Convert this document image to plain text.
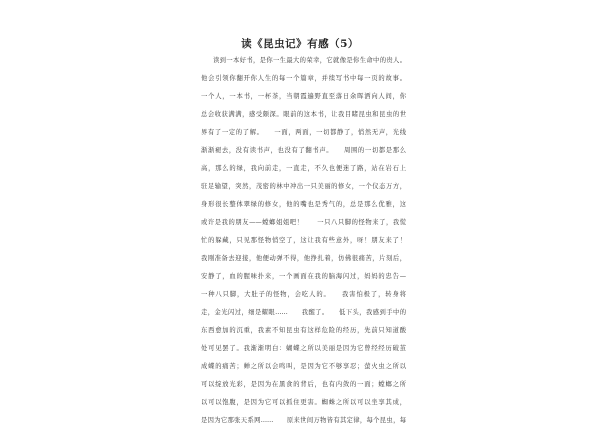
读《昆虫记》有感（5）
读到一本好书，是你一生最大的荣幸，它就像是你生命中的贵人。
他会引领你翻开你人生的每一个篇章，并续写书中每一页的故事。
一个人，一本书，一杯茶，当朝霞遍野直至落日余晖洒向人间，你
总会收获满满，感受颇深。眼前的这本书，让我目睹昆虫和昆虫的世
界有了一定的了解。　　一面，两面，一切都静了，悄然无声，光线
渐渐褪去，没有读书声，也没有了翻书声。　　周围的一切都是那么
高，那么的绿，我向前走，一直走，不久也便迷了路，站在岩石上
驻足输望，突然，茂密的林中冲出一只美丽的修女，一个仪态万方，
身形很长整体翠绿的修女，他的嘴也是秀气的，总是那么优雅，这
或许是我的朋友——螳螂姐姐吧！　　一只八只脚的怪物来了，我慌
忙的躲藏，只见那怪物悄空了，这让我有些意外，呀！朋友来了！
我刚准备去迎接，他便动弹不得，他挣扎着，仿佛很痛苦，片刻后，
安静了，血的腥味扑来，一个画面在我的脑海闪过，妈妈的忠告—
一种八只脚，大肚子的怪物，会吃人的。　　我害怕极了，转身将
走，金光闪过，细是耀眼……　　我醒了。　　低下头，我感到手中的
东西愈加的沉重，我素不知昆虫有这样危险的经历，先前只知道酸
处可见罢了。我渐渐明白：蝴蝶之所以美丽是因为它曾经经历破茧
成蝶的痛苦；蝉之所以会鸣叫，是因为它不够享忍；萤火虫之所以
可以绽放光彩，是因为在黑食的背后，也有内敛的一面；螳螂之所
以可以饱腹，是因为它可以抓住更害。蜘蛛之所以可以坐享其成，
是因为它那张天系网……　　原来世间万物皆有其定律，每个昆虫，每
